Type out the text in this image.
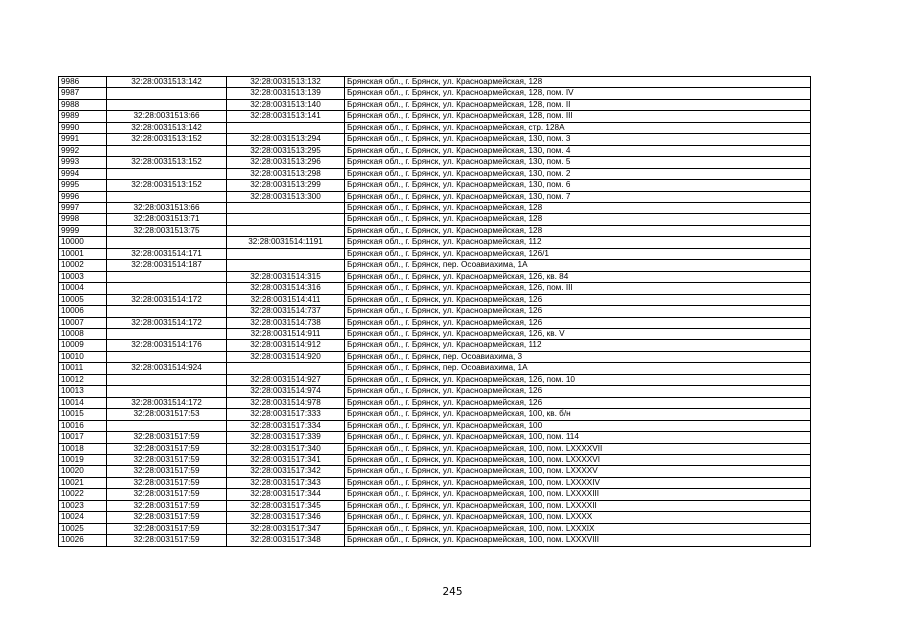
9986	32:28:0031513:142	32:28:0031513:132	Брянская обл., г. Брянск, ул. Красноармейская, 128
9987		32:28:0031513:139	Брянская обл., г. Брянск, ул. Красноармейская, 128, пом. IV
9988		32:28:0031513:140	Брянская обл., г. Брянск, ул. Красноармейская, 128, пом. II
9989	32:28:0031513:66	32:28:0031513:141	Брянская обл., г. Брянск, ул. Красноармейская, 128, пом. III
9990	32:28:0031513:142		Брянская обл., г. Брянск, ул. Красноармейская, стр. 128А
9991	32:28:0031513:152	32:28:0031513:294	Брянская обл., г. Брянск, ул. Красноармейская, 130, пом. 3
9992		32:28:0031513:295	Брянская обл., г. Брянск, ул. Красноармейская, 130, пом. 4
9993	32:28:0031513:152	32:28:0031513:296	Брянская обл., г. Брянск, ул. Красноармейская, 130, пом. 5
9994		32:28:0031513:298	Брянская обл., г. Брянск, ул. Красноармейская, 130, пом. 2
9995	32:28:0031513:152	32:28:0031513:299	Брянская обл., г. Брянск, ул. Красноармейская, 130, пом. 6
9996		32:28:0031513:300	Брянская обл., г. Брянск, ул. Красноармейская, 130, пом. 7
9997	32:28:0031513:66		Брянская обл., г. Брянск, ул. Красноармейская, 128
9998	32:28:0031513:71		Брянская обл., г. Брянск, ул. Красноармейская, 128
9999	32:28:0031513:75		Брянская обл., г. Брянск, ул. Красноармейская, 128
10000		32:28:0031514:1191	Брянская обл., г. Брянск, ул. Красноармейская, 112
10001	32:28:0031514:171		Брянская обл., г. Брянск, ул. Красноармейская, 126/1
10002	32:28:0031514:187		Брянская обл., г. Брянск, пер. Осоавиахима, 1А
10003		32:28:0031514:315	Брянская обл., г. Брянск, ул. Красноармейская, 126, кв. 84
10004		32:28:0031514:316	Брянская обл., г. Брянск, ул. Красноармейская, 126, пом. III
10005	32:28:0031514:172	32:28:0031514:411	Брянская обл., г. Брянск, ул. Красноармейская, 126
10006		32:28:0031514:737	Брянская обл., г. Брянск, ул. Красноармейская, 126
10007	32:28:0031514:172	32:28:0031514:738	Брянская обл., г. Брянск, ул. Красноармейская, 126
10008		32:28:0031514:911	Брянская обл., г. Брянск, ул. Красноармейская, 126, кв. V
10009	32:28:0031514:176	32:28:0031514:912	Брянская обл., г. Брянск, ул. Красноармейская, 112
10010		32:28:0031514:920	Брянская обл., г. Брянск, пер. Осоавиахима, 3
10011	32:28:0031514:924		Брянская обл., г. Брянск, пер. Осоавиахима, 1А
10012		32:28:0031514:927	Брянская обл., г. Брянск, ул. Красноармейская, 126, пом. 10
10013		32:28:0031514:974	Брянская обл., г. Брянск, ул. Красноармейская, 126
10014	32:28:0031514:172	32:28:0031514:978	Брянская обл., г. Брянск, ул. Красноармейская, 126
10015	32:28:0031517:53	32:28:0031517:333	Брянская обл., г. Брянск, ул. Красноармейская, 100, кв. б/н
10016		32:28:0031517:334	Брянская обл., г. Брянск, ул. Красноармейская, 100
10017	32:28:0031517:59	32:28:0031517:339	Брянская обл., г. Брянск, ул. Красноармейская, 100, пом. 114
10018	32:28:0031517:59	32:28:0031517:340	Брянская обл., г. Брянск, ул. Красноармейская, 100, пом. LXXXXVII
10019	32:28:0031517:59	32:28:0031517:341	Брянская обл., г. Брянск, ул. Красноармейская, 100, пом. LXXXXVI
10020	32:28:0031517:59	32:28:0031517:342	Брянская обл., г. Брянск, ул. Красноармейская, 100, пом. LXXXXV
10021	32:28:0031517:59	32:28:0031517:343	Брянская обл., г. Брянск, ул. Красноармейская, 100, пом. LXXXXIV
10022	32:28:0031517:59	32:28:0031517:344	Брянская обл., г. Брянск, ул. Красноармейская, 100, пом. LXXXXIII
10023	32:28:0031517:59	32:28:0031517:345	Брянская обл., г. Брянск, ул. Красноармейская, 100, пом. LXXXXII
10024	32:28:0031517:59	32:28:0031517:346	Брянская обл., г. Брянск, ул. Красноармейская, 100, пом. LXXXX
10025	32:28:0031517:59	32:28:0031517:347	Брянская обл., г. Брянск, ул. Красноармейская, 100, пом. LXXXIX
10026	32:28:0031517:59	32:28:0031517:348	Брянская обл., г. Брянск, ул. Красноармейская, 100, пом. LXXXVIII
245
